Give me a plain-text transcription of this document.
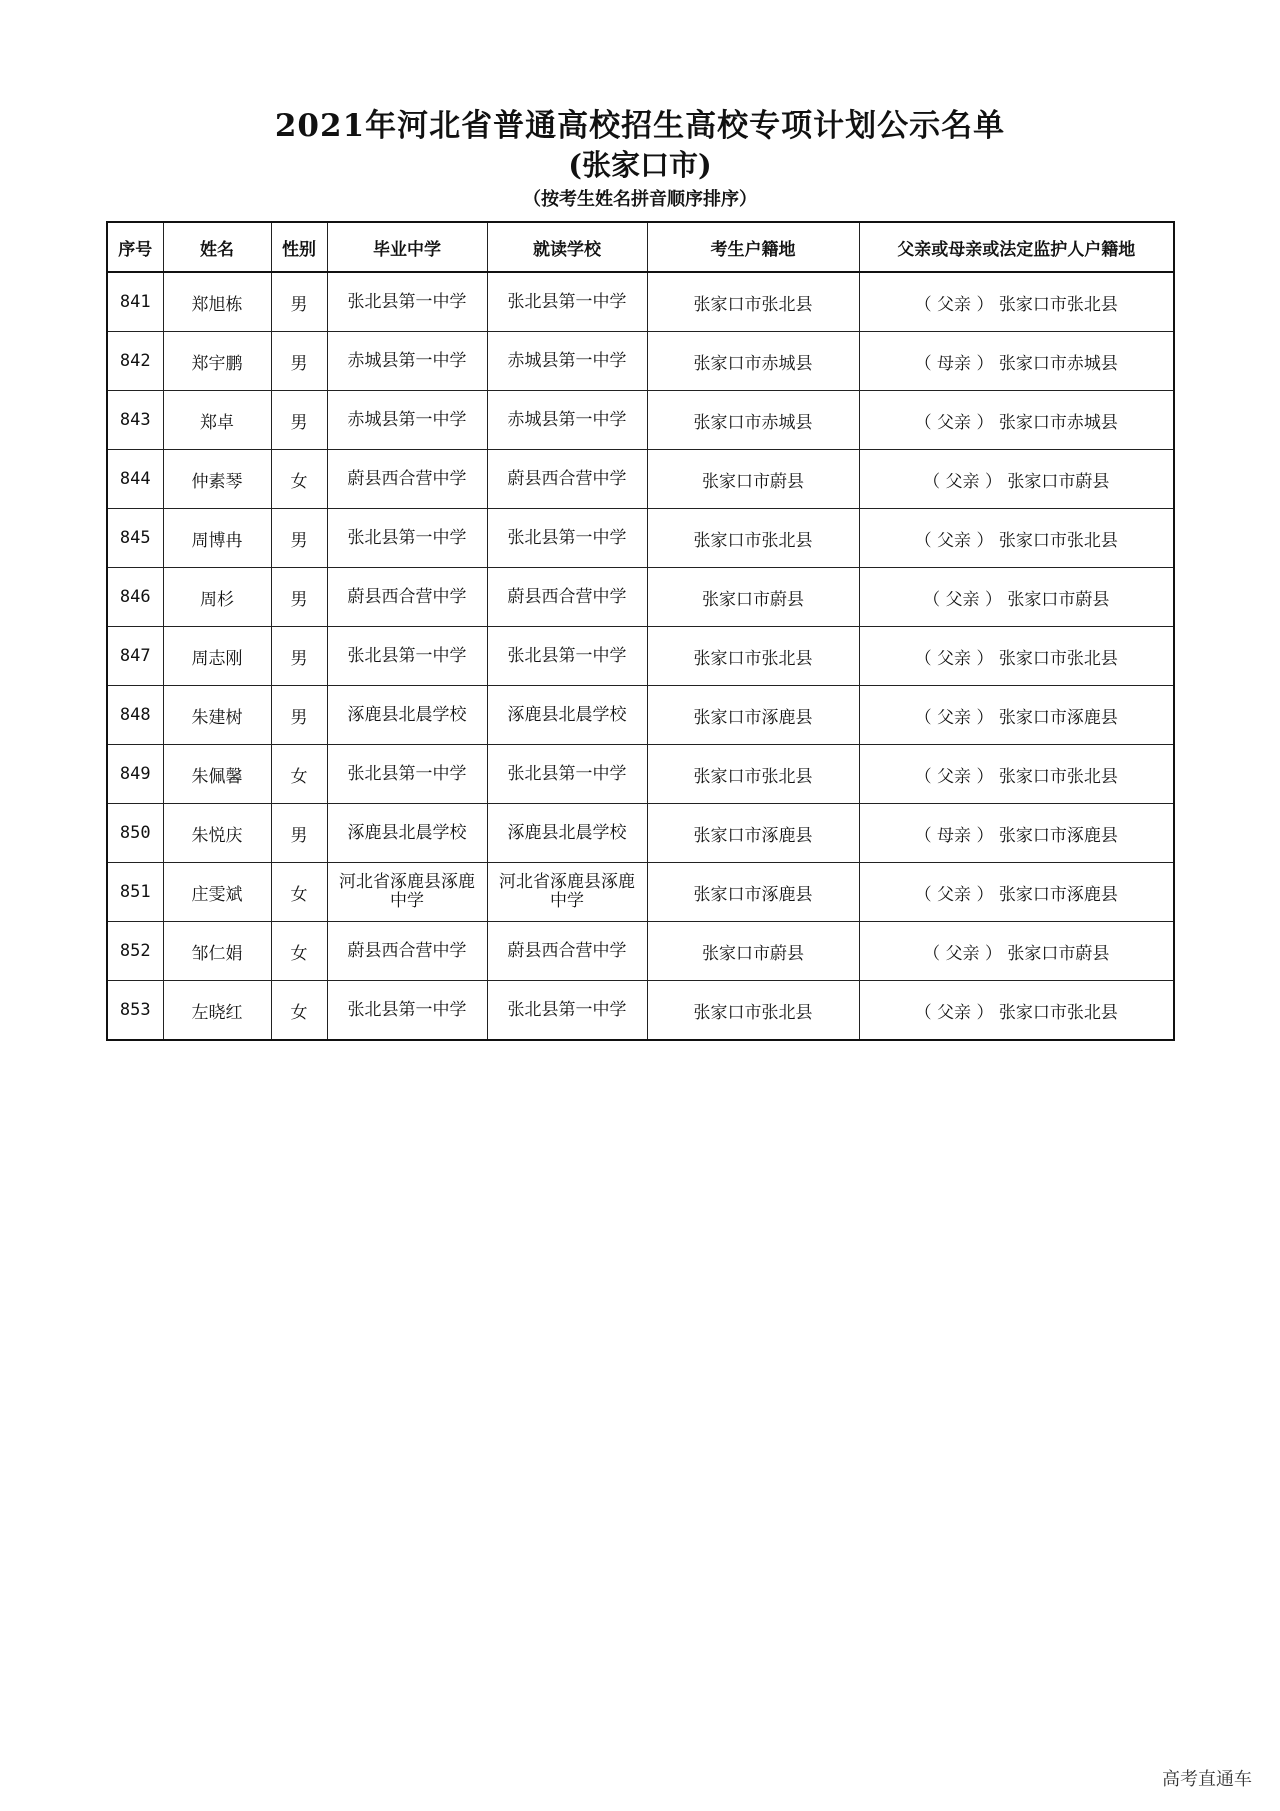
2021年河北省普通高校招生高校专项计划公示名单
(张家口市)
（按考生姓名拼音顺序排序）
序号	姓名	性别	毕业中学	就读学校	考生户籍地	父亲或母亲或法定监护人户籍地
841	郑旭栋	男	张北县第一中学	张北县第一中学	张家口市张北县	（ 父亲 ） 张家口市张北县
842	郑宇鹏	男	赤城县第一中学	赤城县第一中学	张家口市赤城县	（ 母亲 ） 张家口市赤城县
843	郑卓	男	赤城县第一中学	赤城县第一中学	张家口市赤城县	（ 父亲 ） 张家口市赤城县
844	仲素琴	女	蔚县西合营中学	蔚县西合营中学	张家口市蔚县	（ 父亲 ） 张家口市蔚县
845	周博冉	男	张北县第一中学	张北县第一中学	张家口市张北县	（ 父亲 ） 张家口市张北县
846	周杉	男	蔚县西合营中学	蔚县西合营中学	张家口市蔚县	（ 父亲 ） 张家口市蔚县
847	周志刚	男	张北县第一中学	张北县第一中学	张家口市张北县	（ 父亲 ） 张家口市张北县
848	朱建树	男	涿鹿县北晨学校	涿鹿县北晨学校	张家口市涿鹿县	（ 父亲 ） 张家口市涿鹿县
849	朱佩馨	女	张北县第一中学	张北县第一中学	张家口市张北县	（ 父亲 ） 张家口市张北县
850	朱悦庆	男	涿鹿县北晨学校	涿鹿县北晨学校	张家口市涿鹿县	（ 母亲 ） 张家口市涿鹿县
851	庄雯斌	女	河北省涿鹿县涿鹿中学	河北省涿鹿县涿鹿中学	张家口市涿鹿县	（ 父亲 ） 张家口市涿鹿县
852	邹仁娟	女	蔚县西合营中学	蔚县西合营中学	张家口市蔚县	（ 父亲 ） 张家口市蔚县
853	左晓红	女	张北县第一中学	张北县第一中学	张家口市张北县	（ 父亲 ） 张家口市张北县
高考直通车
